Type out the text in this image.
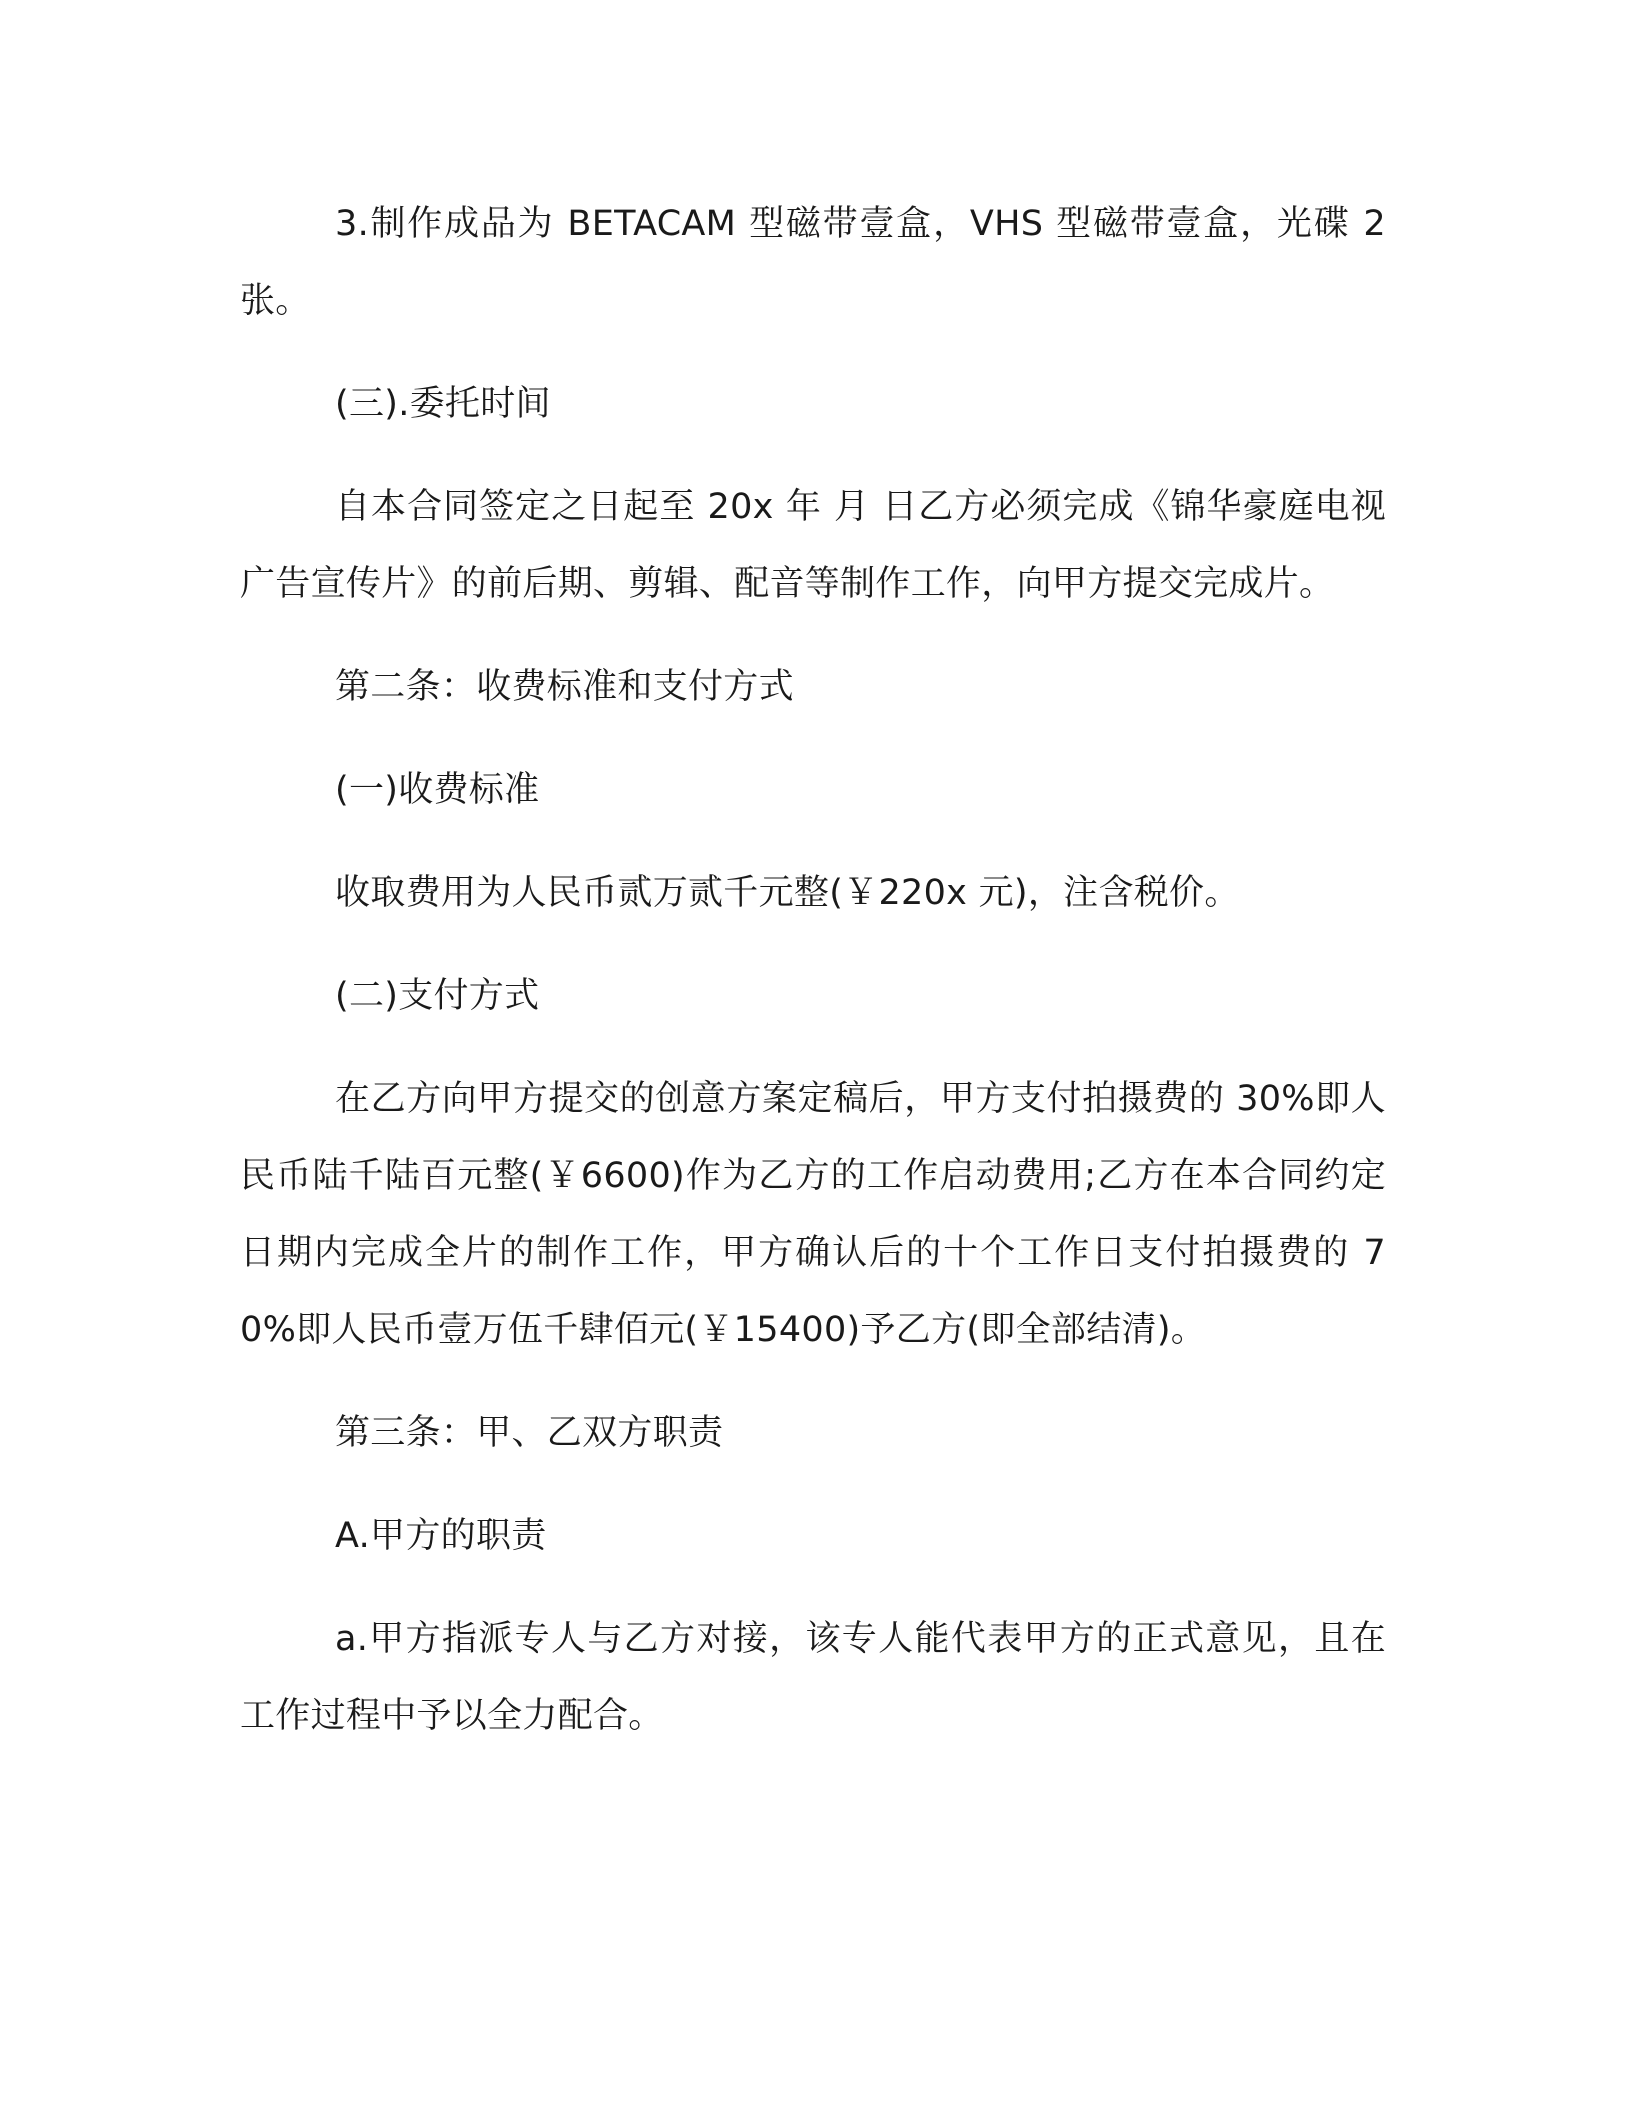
3.制作成品为 BETACAM 型磁带壹盒，VHS 型磁带壹盒，光碟 2 张。

(三).委托时间

自本合同签定之日起至 20x 年 月 日乙方必须完成《锦华豪庭电视广告宣传片》的前后期、剪辑、配音等制作工作，向甲方提交完成片。

第二条：收费标准和支付方式

(一)收费标准

收取费用为人民币贰万贰千元整(￥220x 元)，注含税价。

(二)支付方式

在乙方向甲方提交的创意方案定稿后，甲方支付拍摄费的 30%即人民币陆千陆百元整(￥6600)作为乙方的工作启动费用;乙方在本合同约定日期内完成全片的制作工作，甲方确认后的十个工作日支付拍摄费的 70%即人民币壹万伍千肆佰元(￥15400)予乙方(即全部结清)。

第三条：甲、乙双方职责

A.甲方的职责

a.甲方指派专人与乙方对接，该专人能代表甲方的正式意见，且在工作过程中予以全力配合。
